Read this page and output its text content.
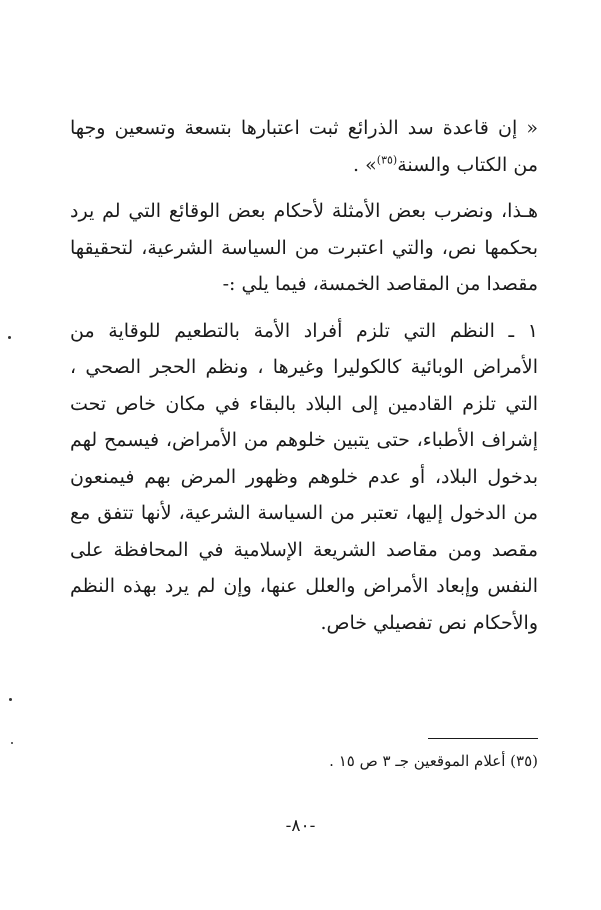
« إن قاعدة سد الذرائع ثبت اعتبارها بتسعة وتسعين وجها من الكتاب والسنة$^{(٣٥)}$» .

هـذا، ونضرب بعض الأمثلة لأحكام بعض الوقائع التي لم يرد بحكمها نص، والتي اعتبرت من السياسة الشرعية، لتحقيقها مقصدا من المقاصد الخمسة، فيما يلي :-

١ ـ النظم التي تلزم أفراد الأمة بالتطعيم للوقاية من الأمراض الوبائية كالكوليرا وغيرها ، ونظم الحجر الصحي ، التي تلزم القادمين إلى البلاد بالبقاء في مكان خاص تحت إشراف الأطباء، حتى يتبين خلوهم من الأمراض، فيسمح لهم بدخول البلاد، أو عدم خلوهم وظهور المرض بهم فيمنعون من الدخول إليها، تعتبر من السياسة الشرعية، لأنها تتفق مع مقصد ومن مقاصد الشريعة الإسلامية في المحافظة على النفس وإبعاد الأمراض والعلل عنها، وإن لم يرد بهذه النظم والأحكام نص تفصيلي خاص.

(٣٥) أعلام الموقعين جـ ٣ ص ١٥ .
-٨٠-
